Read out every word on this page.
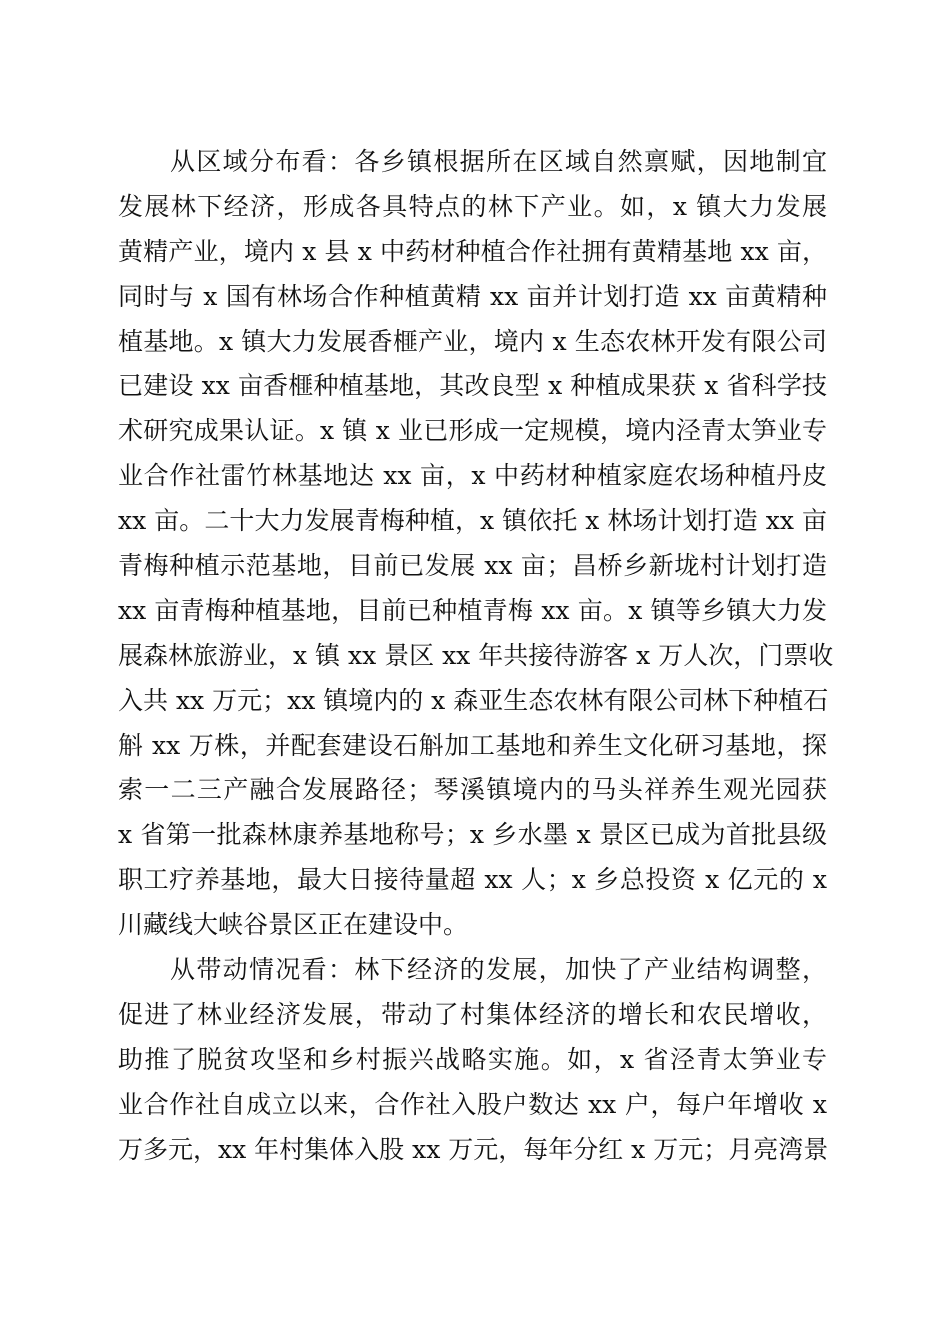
从区域分布看：各乡镇根据所在区域自然禀赋，因地制宜
发展林下经济，形成各具特点的林下产业。如，x 镇大力发展
黄精产业，境内 x 县 x 中药材种植合作社拥有黄精基地 xx 亩，
同时与 x 国有林场合作种植黄精 xx 亩并计划打造 xx 亩黄精种
植基地。x 镇大力发展香榧产业，境内 x 生态农林开发有限公司
已建设 xx 亩香榧种植基地，其改良型 x 种植成果获 x 省科学技
术研究成果认证。x 镇 x 业已形成一定规模，境内泾青太笋业专
业合作社雷竹林基地达 xx 亩，x 中药材种植家庭农场种植丹皮
xx 亩。二十大力发展青梅种植，x 镇依托 x 林场计划打造 xx 亩
青梅种植示范基地，目前已发展 xx 亩；昌桥乡新垅村计划打造
xx 亩青梅种植基地，目前已种植青梅 xx 亩。x 镇等乡镇大力发
展森林旅游业，x 镇 xx 景区 xx 年共接待游客 x 万人次，门票收
入共 xx 万元；xx 镇境内的 x 森亚生态农林有限公司林下种植石
斛 xx 万株，并配套建设石斛加工基地和养生文化研习基地，探
索一二三产融合发展路径；琴溪镇境内的马头祥养生观光园获
x 省第一批森林康养基地称号；x 乡水墨 x 景区已成为首批县级
职工疗养基地，最大日接待量超 xx 人；x 乡总投资 x 亿元的 x
川藏线大峡谷景区正在建设中。
从带动情况看：林下经济的发展，加快了产业结构调整，
促进了林业经济发展，带动了村集体经济的增长和农民增收，
助推了脱贫攻坚和乡村振兴战略实施。如，x 省泾青太笋业专
业合作社自成立以来，合作社入股户数达 xx 户，每户年增收 x
万多元，xx 年村集体入股 xx 万元，每年分红 x 万元；月亮湾景
